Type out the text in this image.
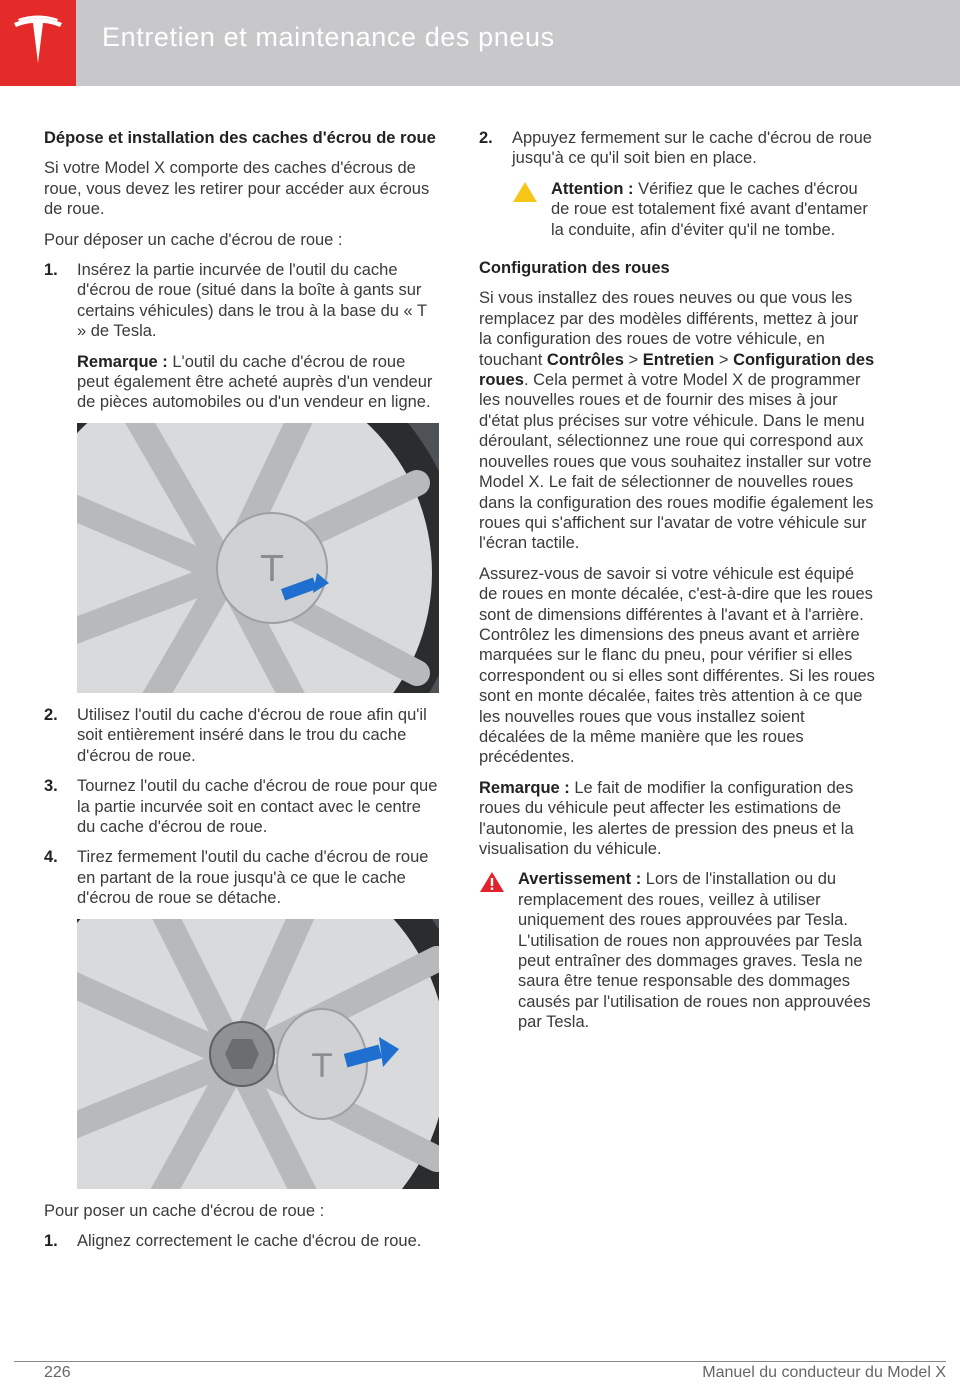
Entretien et maintenance des pneus

Dépose et installation des caches d'écrou de roue

Si votre Model X comporte des caches d'écrous de roue, vous devez les retirer pour accéder aux écrous de roue.

Pour déposer un cache d'écrou de roue :

1. Insérez la partie incurvée de l'outil du cache d'écrou de roue (situé dans la boîte à gants sur certains véhicules) dans le trou à la base du « T » de Tesla.

Remarque : L'outil du cache d'écrou de roue peut également être acheté auprès d'un vendeur de pièces automobiles ou d'un vendeur en ligne.

T
2. Utilisez l'outil du cache d'écrou de roue afin qu'il soit entièrement inséré dans le trou du cache d'écrou de roue.
3. Tournez l'outil du cache d'écrou de roue pour que la partie incurvée soit en contact avec le centre du cache d'écrou de roue.
4. Tirez fermement l'outil du cache d'écrou de roue en partant de la roue jusqu'à ce que le cache d'écrou de roue se détache.
T

Pour poser un cache d'écrou de roue :

1. Alignez correctement le cache d'écrou de roue.
2. Appuyez fermement sur le cache d'écrou de roue jusqu'à ce qu'il soit bien en place.
Attention : Vérifiez que le caches d'écrou de roue est totalement fixé avant d'entamer la conduite, afin d'éviter qu'il ne tombe.

Configuration des roues

Si vous installez des roues neuves ou que vous les remplacez par des modèles différents, mettez à jour la configuration des roues de votre véhicule, en touchant Contrôles > Entretien > Configuration des roues. Cela permet à votre Model X de programmer les nouvelles roues et de fournir des mises à jour d'état plus précises sur votre véhicule. Dans le menu déroulant, sélectionnez une roue qui correspond aux nouvelles roues que vous souhaitez installer sur votre Model X. Le fait de sélectionner de nouvelles roues dans la configuration des roues modifie également les roues qui s'affichent sur l'avatar de votre véhicule sur l'écran tactile.

Assurez-vous de savoir si votre véhicule est équipé de roues en monte décalée, c'est-à-dire que les roues sont de dimensions différentes à l'avant et à l'arrière. Contrôlez les dimensions des pneus avant et arrière marquées sur le flanc du pneu, pour vérifier si elles correspondent ou si elles sont différentes. Si les roues sont en monte décalée, faites très attention à ce que les nouvelles roues que vous installez soient décalées de la même manière que les roues précédentes.

Remarque : Le fait de modifier la configuration des roues du véhicule peut affecter les estimations de l'autonomie, les alertes de pression des pneus et la visualisation du véhicule.

Avertissement : Lors de l'installation ou du remplacement des roues, veillez à utiliser uniquement des roues approuvées par Tesla. L'utilisation de roues non approuvées par Tesla peut entraîner des dommages graves. Tesla ne saura être tenue responsable des dommages causés par l'utilisation de roues non approuvées par Tesla.
226	Manuel du conducteur du Model X
